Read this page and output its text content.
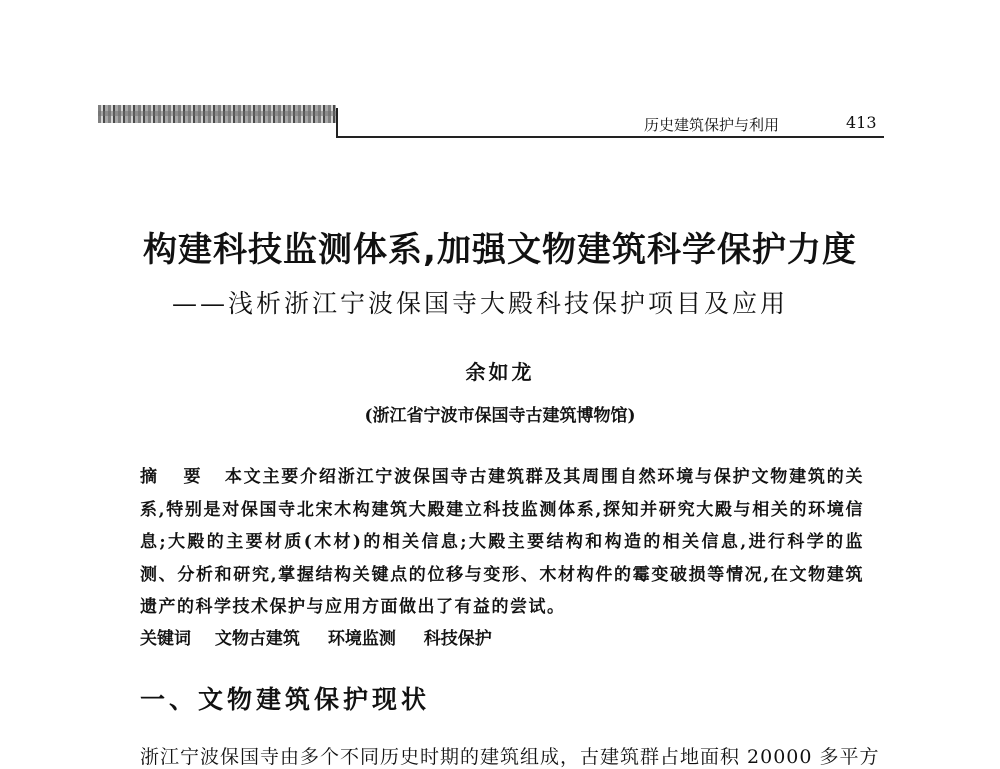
历史建筑保护与利用	413
构建科技监测体系,加强文物建筑科学保护力度
——浅析浙江宁波保国寺大殿科技保护项目及应用
余如龙
(浙江省宁波市保国寺古建筑博物馆)
摘 要 本文主要介绍浙江宁波保国寺古建筑群及其周围自然环境与保护文物建筑的关系,特别是对保国寺北宋木构建筑大殿建立科技监测体系,探知并研究大殿与相关的环境信息;大殿的主要材质(木材)的相关信息;大殿主要结构和构造的相关信息,进行科学的监测、分析和研究,掌握结构关键点的位移与变形、木材构件的霉变破损等情况,在文物建筑遗产的科学技术保护与应用方面做出了有益的尝试。
关键词 文物古建筑 环境监测 科技保护
一、文物建筑保护现状
浙江宁波保国寺由多个不同历史时期的建筑组成，古建筑群占地面积 20000 多平方
